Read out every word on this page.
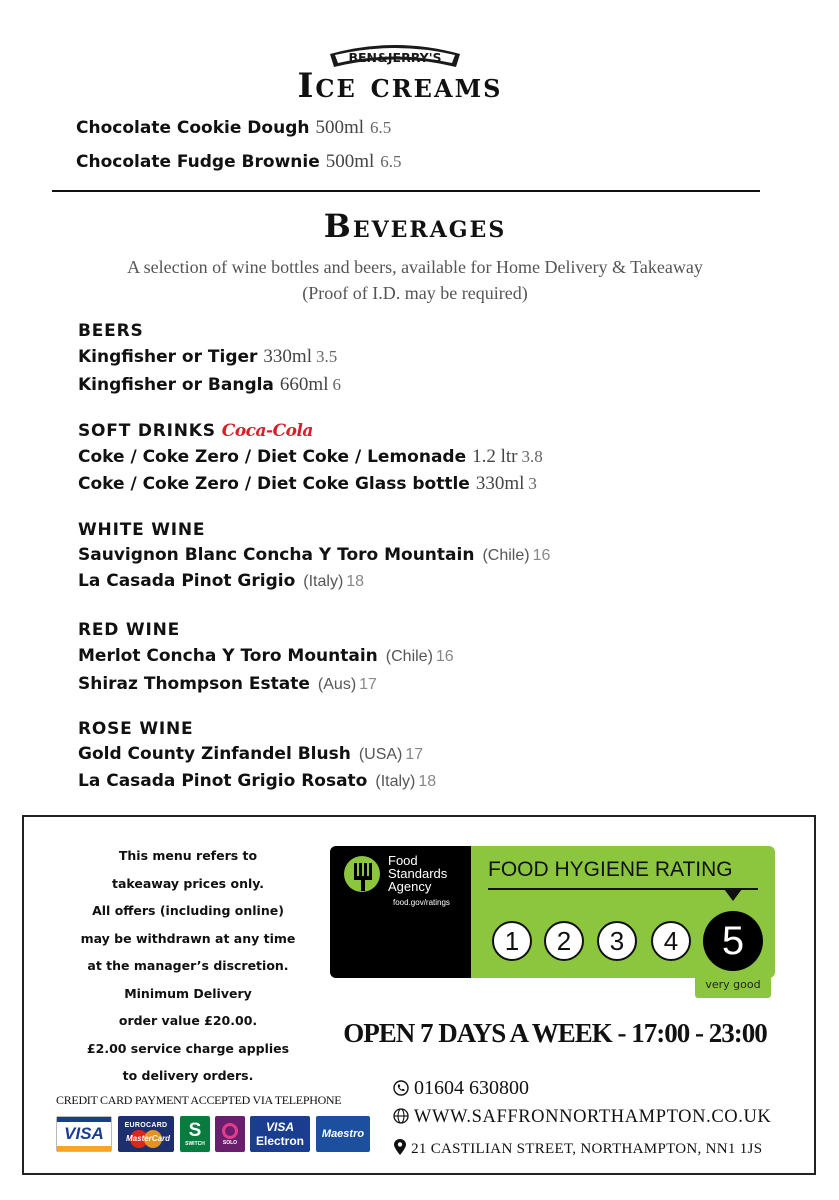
BEN&JERRY'S
Ice creams
Chocolate Cookie Dough 500ml 6.5
Chocolate Fudge Brownie 500ml 6.5
Beverages
A selection of wine bottles and beers, available for Home Delivery & Takeaway
(Proof of I.D. may be required)
BEERS
Kingfisher or Tiger 330ml 3.5
Kingfisher or Bangla 660ml 6
SOFT DRINKS Coca-Cola
Coke / Coke Zero / Diet Coke / Lemonade 1.2 ltr 3.8
Coke / Coke Zero / Diet Coke Glass bottle 330ml 3
WHITE WINE
Sauvignon Blanc Concha Y Toro Mountain (Chile) 16
La Casada Pinot Grigio (Italy) 18
RED WINE
Merlot Concha Y Toro Mountain (Chile) 16
Shiraz Thompson Estate (Aus) 17
ROSE WINE
Gold County Zinfandel Blush (USA) 17
La Casada Pinot Grigio Rosato (Italy) 18
This menu refers to
takeaway prices only.
All offers (including online)
may be withdrawn at any time
at the manager’s discretion.
Minimum Delivery
order value £20.00.
£2.00 service charge applies
to delivery orders.
CREDIT CARD PAYMENT ACCEPTED VIA TELEPHONE
VISA	EUROCARD
MasterCard S
SWITCH	SOLO
VISA
Electron Maestro
Food
Standards
Agency
food.gov/ratings
FOOD HYGIENE RATING
1	2	3	4	5
very good
OPEN 7 DAYS A WEEK - 17:00 - 23:00
01604 630800
WWW.SAFFRONNORTHAMPTON.CO.UK
21 CASTILIAN STREET, NORTHAMPTON, NN1 1JS
